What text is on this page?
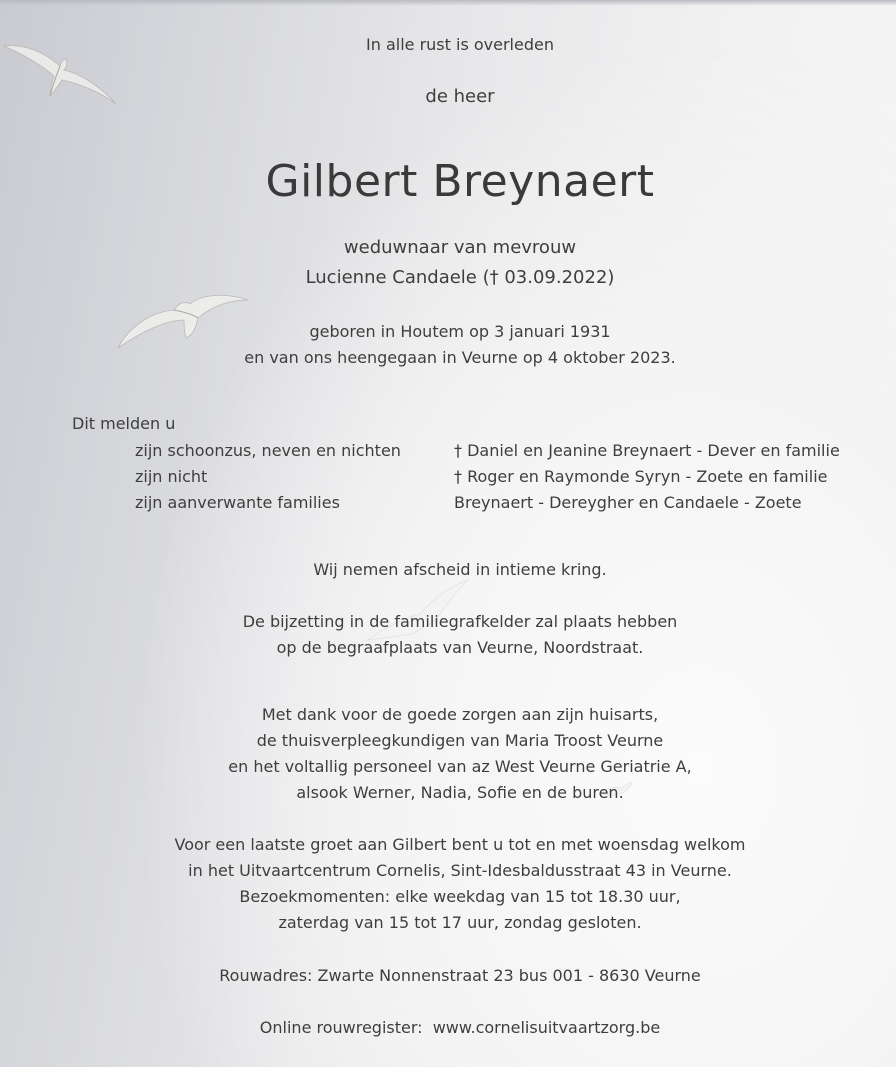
In alle rust is overleden
de heer
Gilbert Breynaert
weduwnaar van mevrouw
Lucienne Candaele († 03.09.2022)
geboren in Houtem op 3 januari 1931
en van ons heengegaan in Veurne op 4 oktober 2023.
Dit melden u
zijn schoonzus, neven en nichten
zijn nicht
zijn aanverwante families
† Daniel en Jeanine Breynaert - Dever en familie
† Roger en Raymonde Syryn - Zoete en familie
Breynaert - Dereygher en Candaele - Zoete
Wij nemen afscheid in intieme kring.
De bijzetting in de familiegrafkelder zal plaats hebben
op de begraafplaats van Veurne, Noordstraat.
Met dank voor de goede zorgen aan zijn huisarts,
de thuisverpleegkundigen van Maria Troost Veurne
en het voltallig personeel van az West Veurne Geriatrie A,
alsook Werner, Nadia, Sofie en de buren.
Voor een laatste groet aan Gilbert bent u tot en met woensdag welkom
in het Uitvaartcentrum Cornelis, Sint-Idesbaldusstraat 43 in Veurne.
Bezoekmomenten: elke weekdag van 15 tot 18.30 uur,
zaterdag van 15 tot 17 uur, zondag gesloten.
Rouwadres: Zwarte Nonnenstraat 23 bus 001 - 8630 Veurne
Online rouwregister:  www.cornelisuitvaartzorg.be
